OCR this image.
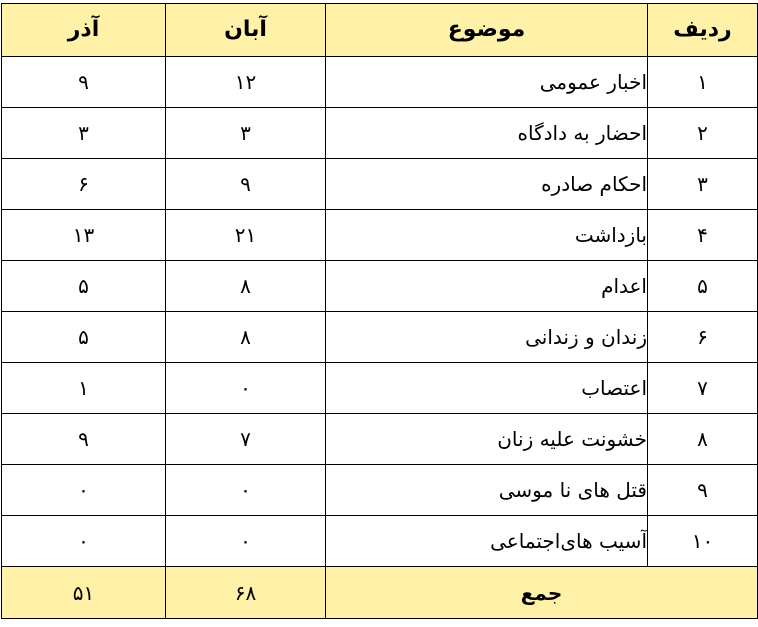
ردیف	موضوع	آبان	آذر
۱	اخبار عمومی	۱۲	۹
۲	احضار به دادگاه	۳	۳
۳	احکام صادره	۹	۶
۴	بازداشت	۲۱	۱۳
۵	اعدام	۸	۵
۶	زندان و زندانی	۸	۵
۷	اعتصاب	۰	۱
۸	خشونت علیه زنان	۷	۹
۹	قتل های نا موسی	۰	۰
۱۰	آسیب های‌اجتماعی	۰	۰
جمع		۶۸	۵۱
